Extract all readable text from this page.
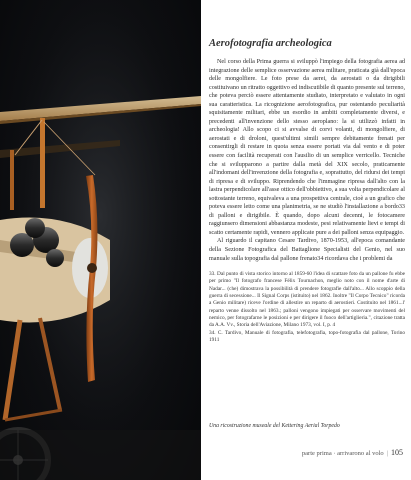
Aerofotografia archeologica

Nel corso della Prima guerra si sviluppò l'impiego della fotografia aerea ad integrazione delle semplice osservazione aerea militare, praticata già dall'epoca delle mongolfiere. Le foto prese da aerei, da aerostati o da dirigibili costituivano un ritratto oggettivo ed indiscutibile di quanto presente sul terreno, che poteva perciò essere attentamente studiato, interpretato e valutato in ogni sua caratteristica. La ricognizione aerofotografica, pur ostentando peculiarità squisitamente militari, ebbe un esordio in ambiti completamente diversi, e precedenti all'invenzione dello stesso aeroplano: la si utilizzò infatti in archeologia! Allo scopo ci si avvalse di corvi volanti, di mongolfiere, di aerostati e di droloni, quest'ultimi simili sempre debitamente frenati per consentirgli di restare in quota senza essere portati via dal vento e di poter essere con facilità recuperati con l'ausilio di un semplice verricello. Tecniche che si svilupparono a partire dalla metà del XIX secolo, praticamente all'indomani dell'invenzione della fotografia e, soprattutto, del ridursi dei tempi di ripresa e di sviluppo. Riprendendo che l'immagine ripresa dall'alto con la lastra perpendicolare all'asse ottico dell'obbiettivo, a sua volta perpendicolare al sottostante terreno, equivaleva a una prospettiva centrale, cioè a un grafico che poteva essere letto come una planimetria, se ne studiò l'installazione a bordo33 di palloni e dirigibile. È quando, dopo alcuni decenni, le fotocamere raggiunsero dimensioni abbastanza modeste, pesi relativamente lievi e tempi di scatto certamente rapidi, vennero applicate pure a dei palloni senza equipaggio.

Al riguardo il capitano Cesare Tardivo, 1870-1953, all'epoca comandante della Sezione Fotografica del Battaglione Specialisti del Genio, nel suo manuale sulla topografia dal pallone frenato34 ricordava che i problemi da

33. Dal punto di vista storico intorno al 1859-60 l'idea di scattare foto da un pallone fu ebbe per primo "Il fotografo francese Félix Tournachon, meglio noto con il nome d'arte di Nadar... (che) dimostrava la possibilità di prendere fotografie dall'alto... Allo scoppio della guerra di secessione... Il Signal Corps (istituito) nel 1862. Inoltre "Il Corpo Tecnico" ricorda a Genio militare) riceve l'ordine di allestire un reparto di aerostieri. Costituito nel 1861...l' reparto venne dissolto nel 1863.; palloni vengono impiegati per osservare movimenti del nemico, per fotografarne le posizioni e per dirigere il fuoco dell'artiglieria.", citazione tratta da A.A. Vv., Storia dell'Aviazione, Milano 1973, vol. I, p. 4

34. C. Tardivo, Manuale di fotografia, telefotografia, topo-fotografia dal pallone, Torino 1911

Una ricostruzione museale del Kettering Aerial Torpedo
parte prima · arrivarono al volo | 105
